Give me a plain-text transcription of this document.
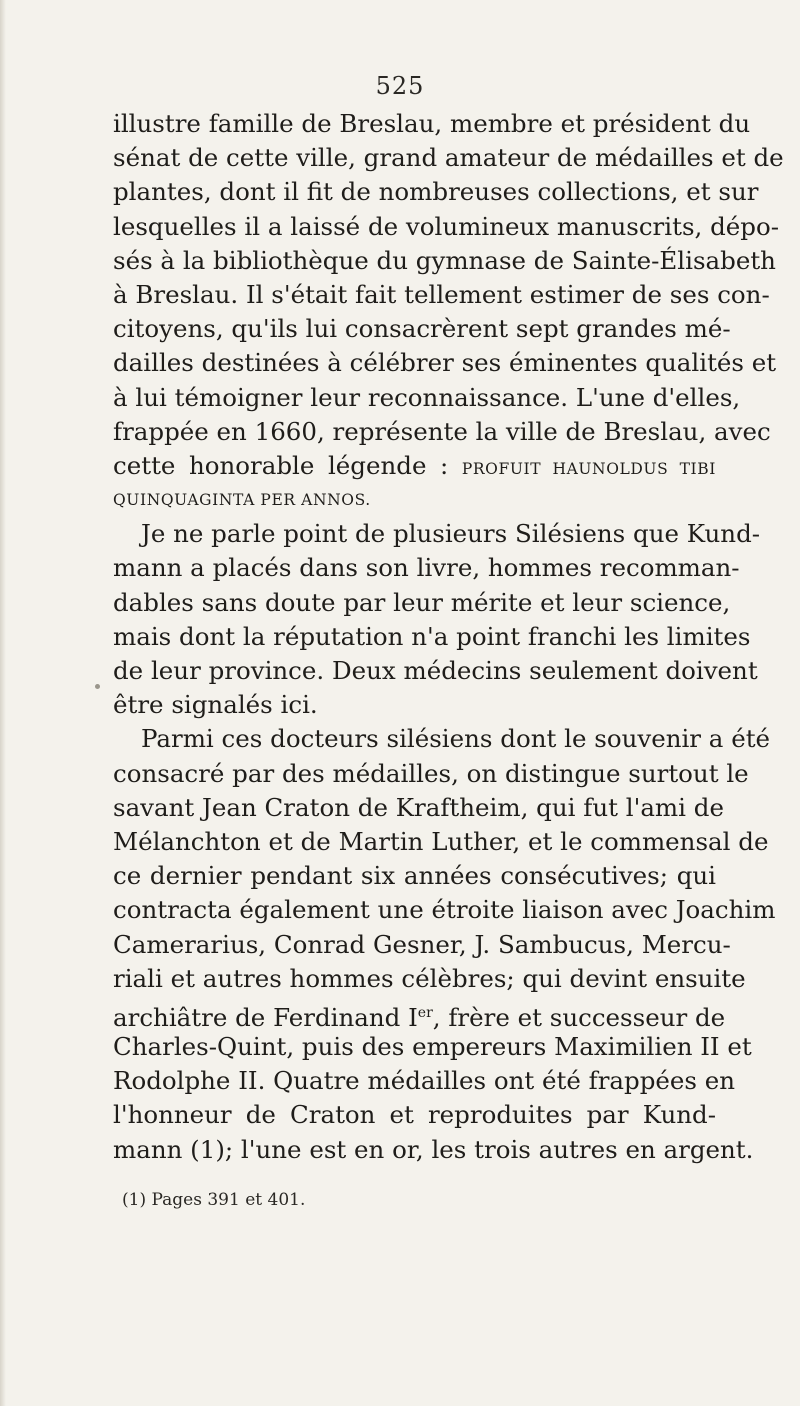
525
illustre famille de Breslau, membre et président du
sénat de cette ville, grand amateur de médailles et de
plantes, dont il fit de nombreuses collections, et sur
lesquelles il a laissé de volumineux manuscrits, dépo-
sés à la bibliothèque du gymnase de Sainte-Élisabeth
à Breslau. Il s'était fait tellement estimer de ses con-
citoyens, qu'ils lui consacrèrent sept grandes mé-
dailles destinées à célébrer ses éminentes qualités et
à lui témoigner leur reconnaissance. L'une d'elles,
frappée en 1660, représente la ville de Breslau, avec
cette honorable légende : PROFUIT HAUNOLDUS TIBI
QUINQUAGINTA PER ANNOS.
Je ne parle point de plusieurs Silésiens que Kund-
mann a placés dans son livre, hommes recomman-
dables sans doute par leur mérite et leur science,
mais dont la réputation n'a point franchi les limites
de leur province. Deux médecins seulement doivent
être signalés ici.
Parmi ces docteurs silésiens dont le souvenir a été
consacré par des médailles, on distingue surtout le
savant Jean Craton de Kraftheim, qui fut l'ami de
Mélanchton et de Martin Luther, et le commensal de
ce dernier pendant six années consécutives; qui
contracta également une étroite liaison avec Joachim
Camerarius, Conrad Gesner, J. Sambucus, Mercu-
riali et autres hommes célèbres; qui devint ensuite
archiâtre de Ferdinand Ier, frère et successeur de
Charles-Quint, puis des empereurs Maximilien II et
Rodolphe II. Quatre médailles ont été frappées en
l'honneur de Craton et reproduites par Kund-
mann (1); l'une est en or, les trois autres en argent.
(1) Pages 391 et 401.
